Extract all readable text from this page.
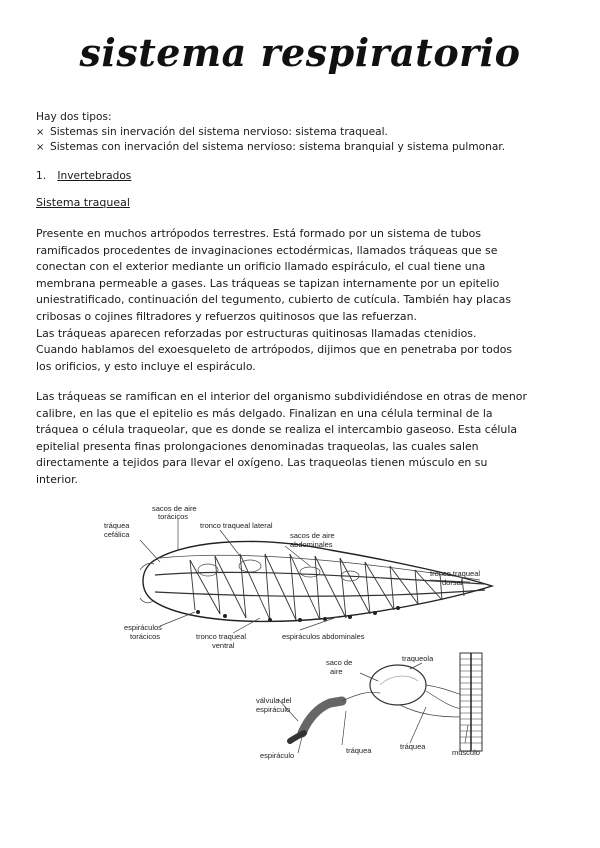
sistema respiratorio
Hay dos tipos:
× Sistemas sin inervación del sistema nervioso: sistema traqueal.
× Sistemas con inervación del sistema nervioso: sistema branquial y sistema pulmonar.
1. Invertebrados
Sistema traqueal
Presente en muchos artrópodos terrestres. Está formado por un sistema de tubos
ramificados procedentes de invaginaciones ectodérmicas, llamados tráqueas que se
conectan con el exterior mediante un orificio llamado espiráculo, el cual tiene una
membrana permeable a gases. Las tráqueas se tapizan internamente por un epitelio
uniestratificado, continuación del tegumento, cubierto de cutícula. También hay placas
cribosas o cojines filtradores y refuerzos quitinosos que las refuerzan.
Las tráqueas aparecen reforzadas por estructuras quitinosas llamadas ctenidios.
Cuando hablamos del exoesqueleto de artrópodos, dijimos que en penetraba por todos
los orificios, y esto incluye el espiráculo.
Las tráqueas se ramifican en el interior del organismo subdividiéndose en otras de menor
calibre, en las que el epitelio es más delgado. Finalizan en una célula terminal de la
tráquea o célula traqueolar, que es donde se realiza el intercambio gaseoso. Esta célula
epitelial presenta finas prolongaciones denominadas traqueolas, las cuales salen
directamente a tejidos para llevar el oxígeno. Las traqueolas tienen músculo en su
interior.
sacos de aire
torácicos
tráquea
cefálica
tronco traqueal lateral
sacos de aire
abdominales
tronco traqueal
dorsal
espiráculos
torácicos	tronco traqueal
ventral
espiráculos abdominales
saco de
aire
traqueola
válvula del
espiráculo
espiráculo
tráquea	tráquea
músculo
